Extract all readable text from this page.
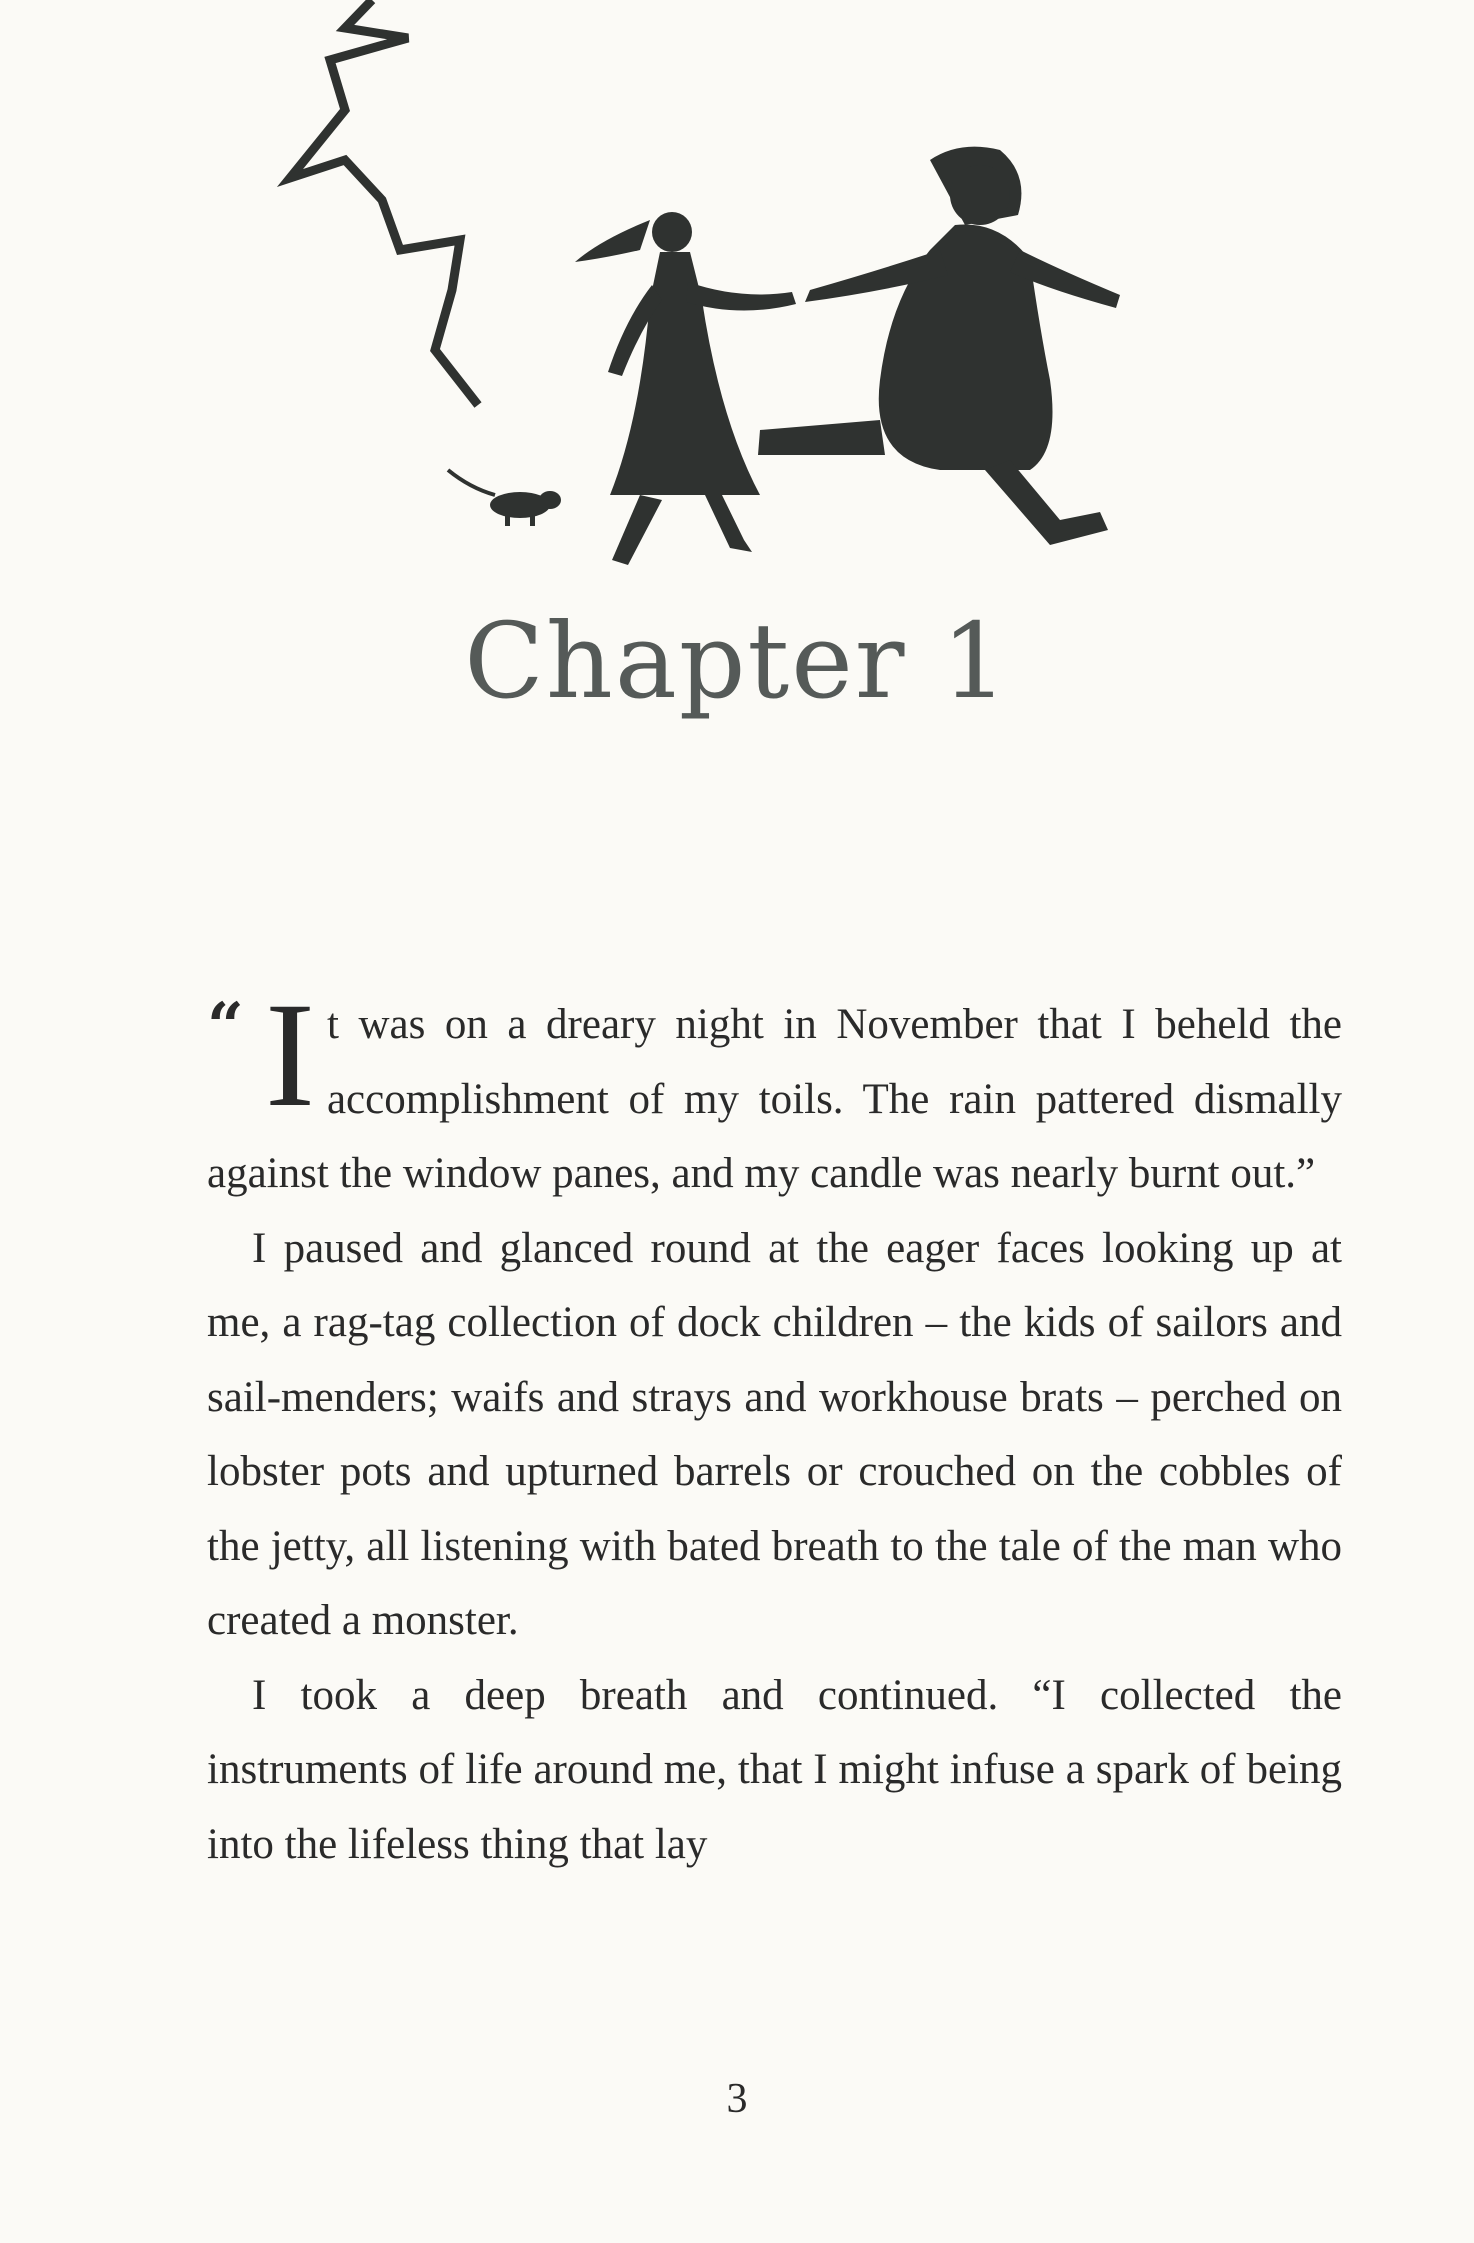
Chapter 1

“ I t was on a dreary night in November that I beheld the accomplishment of my toils. The rain pattered dismally against the window panes, and my candle was nearly burnt out.”

I paused and glanced round at the eager faces looking up at me, a rag-tag collection of dock children – the kids of sailors and sail-menders; waifs and strays and workhouse brats – perched on lobster pots and upturned barrels or crouched on the cobbles of the jetty, all listening with bated breath to the tale of the man who created a monster.

I took a deep breath and continued. “I collected the instruments of life around me, that I might infuse a spark of being into the lifeless thing that lay

3
